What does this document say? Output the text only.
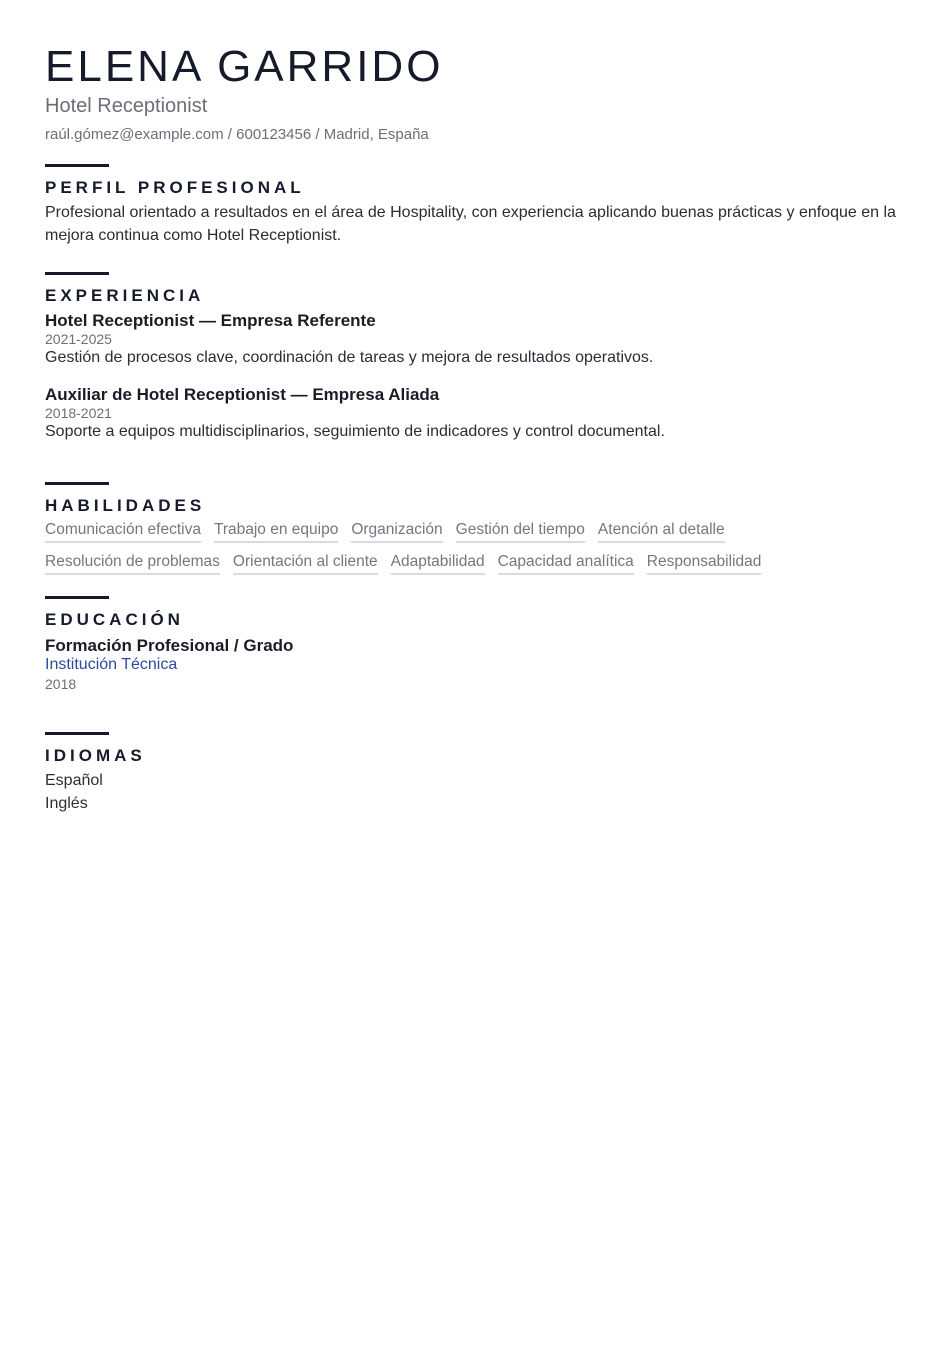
ELENA GARRIDO
Hotel Receptionist
raúl.gómez@example.com / 600123456 / Madrid, España
PERFIL PROFESIONAL
Profesional orientado a resultados en el área de Hospitality, con experiencia aplicando buenas prácticas y enfoque en la mejora continua como Hotel Receptionist.
EXPERIENCIA
Hotel Receptionist — Empresa Referente
2021-2025
Gestión de procesos clave, coordinación de tareas y mejora de resultados operativos.
Auxiliar de Hotel Receptionist — Empresa Aliada
2018-2021
Soporte a equipos multidisciplinarios, seguimiento de indicadores y control documental.
HABILIDADES
Comunicación efectiva Trabajo en equipo Organización Gestión del tiempo Atención al detalle
Resolución de problemas Orientación al cliente Adaptabilidad Capacidad analítica Responsabilidad
EDUCACIÓN
Formación Profesional / Grado
Institución Técnica
2018
IDIOMAS
Español
Inglés
